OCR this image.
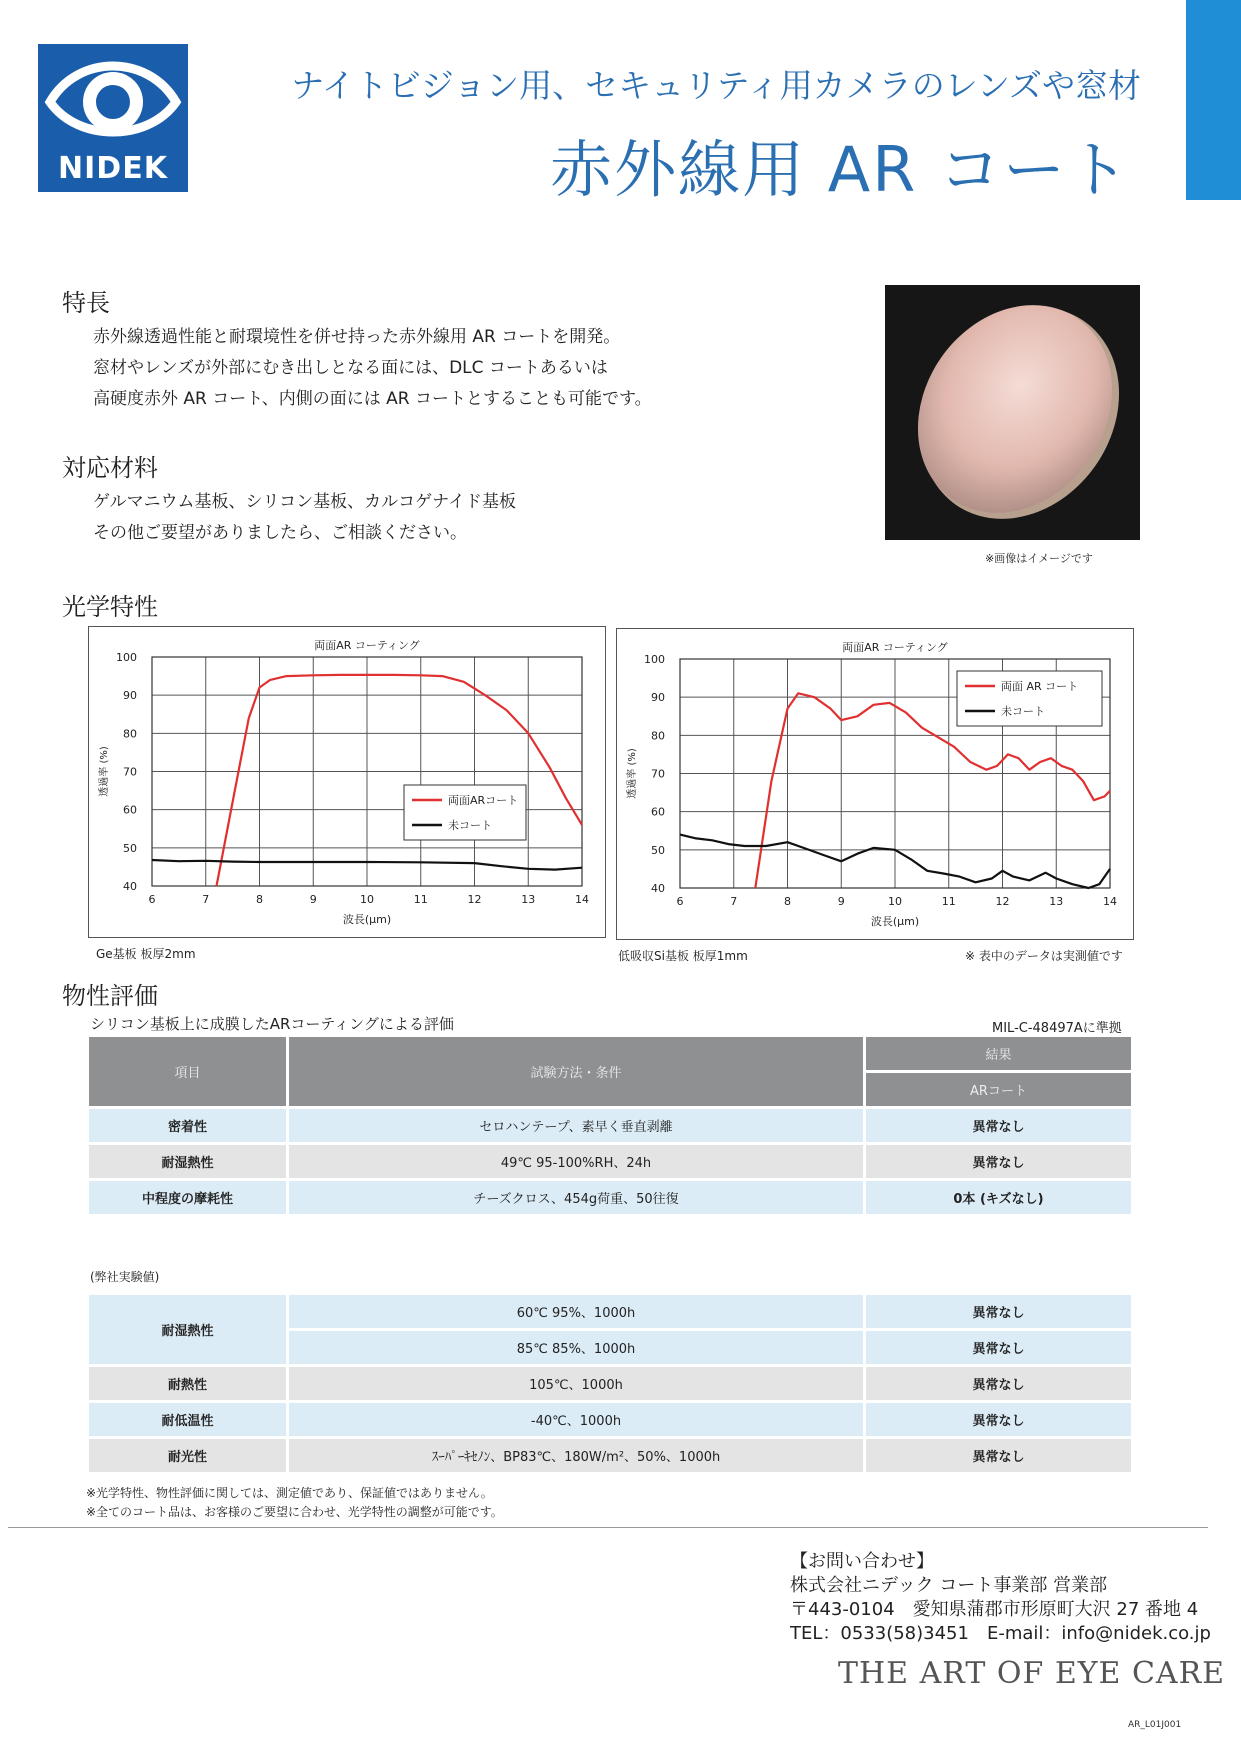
NIDEK
ナイトビジョン用、セキュリティ用カメラのレンズや窓材
赤外線用 AR コート
特長
赤外線透過性能と耐環境性を併せ持った赤外線用 AR コートを開発。
窓材やレンズが外部にむき出しとなる面には、DLC コートあるいは
高硬度赤外 AR コート、内側の面には AR コートとすることも可能です。
対応材料
ゲルマニウム基板、シリコン基板、カルコゲナイド基板
その他ご要望がありましたら、ご相談ください。
※画像はイメージです
光学特性
両面AR コーティング
6	7	8	9	10	11	12	13	14
40
50
60
70
80
90
100
波長(μm)
透過率 (%)
両面ARコート
未コート
両面AR コーティング
6	7	8	9	10	11	12	13	14
40
50
60
70
80
90
100
波長(μm)
透過率 (%)
両面 AR コート
未コート
Ge基板 板厚2mm	低吸収Si基板 板厚1mm	※ 表中のデータは実測値です
物性評価
シリコン基板上に成膜したARコーティングによる評価	MIL-C-48497Aに準拠
項目	試験方法・条件	結果
		ARコート
密着性	セロハンテープ、素早く垂直剥離	異常なし
耐湿熱性	49℃ 95-100%RH、24h	異常なし
中程度の摩耗性	チーズクロス、454g荷重、50往復	0本 (キズなし)
(弊社実験値)
耐湿熱性	60℃ 95%、1000h	異常なし
	85℃ 85%、1000h	異常なし
耐熱性	105℃、1000h	異常なし
耐低温性	-40℃、1000h	異常なし
耐光性	ｽｰﾊﾟｰｷｾﾉﾝ、BP83℃、180W/m²、50%、1000h	異常なし
※光学特性、物性評価に関しては、測定値であり、保証値ではありません。
※全てのコート品は、お客様のご要望に合わせ、光学特性の調整が可能です。
【お問い合わせ】
株式会社ニデック コート事業部 営業部
〒443-0104　愛知県蒲郡市形原町大沢 27 番地 4
TEL：0533(58)3451　E-mail：info@nidek.co.jp
THE ART OF EYE CARE
AR_L01J001
